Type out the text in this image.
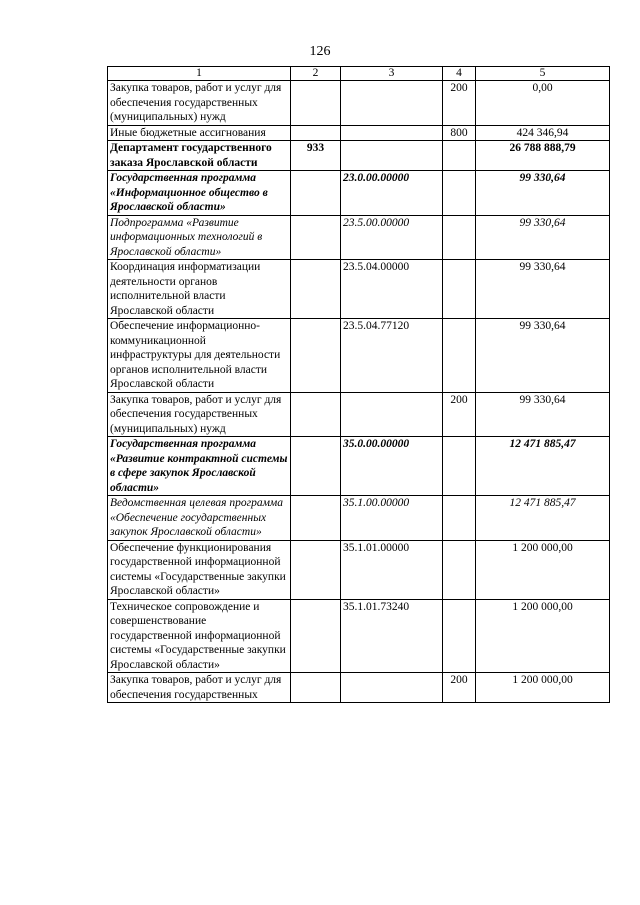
126
1	2	3	4	5
Закупка товаров, работ и услуг для обеспечения государственных (муниципальных) нужд			200	0,00
Иные бюджетные ассигнования			800	424 346,94
Департамент государственного заказа Ярославской области	933			26 788 888,79
Государственная программа «Информационное общество в Ярославской области»		23.0.00.00000		99 330,64
Подпрограмма «Развитие информационных технологий в Ярославской области»		23.5.00.00000		99 330,64
Координация информатизации деятельности органов исполнительной власти Ярославской области		23.5.04.00000		99 330,64
Обеспечение информационно-коммуникационной инфраструктуры для деятельности органов исполнительной власти Ярославской области		23.5.04.77120		99 330,64
Закупка товаров, работ и услуг для обеспечения государственных (муниципальных) нужд			200	99 330,64
Государственная программа «Развитие контрактной системы в сфере закупок Ярославской области»		35.0.00.00000		12 471 885,47
Ведомственная целевая программа «Обеспечение государственных закупок Ярославской области»		35.1.00.00000		12 471 885,47
Обеспечение функционирования государственной информационной системы «Государственные закупки Ярославской области»		35.1.01.00000		1 200 000,00
Техническое сопровождение и совершенствование государственной информационной системы «Государственные закупки Ярославской области»		35.1.01.73240		1 200 000,00
Закупка товаров, работ и услуг для обеспечения государственных			200	1 200 000,00
